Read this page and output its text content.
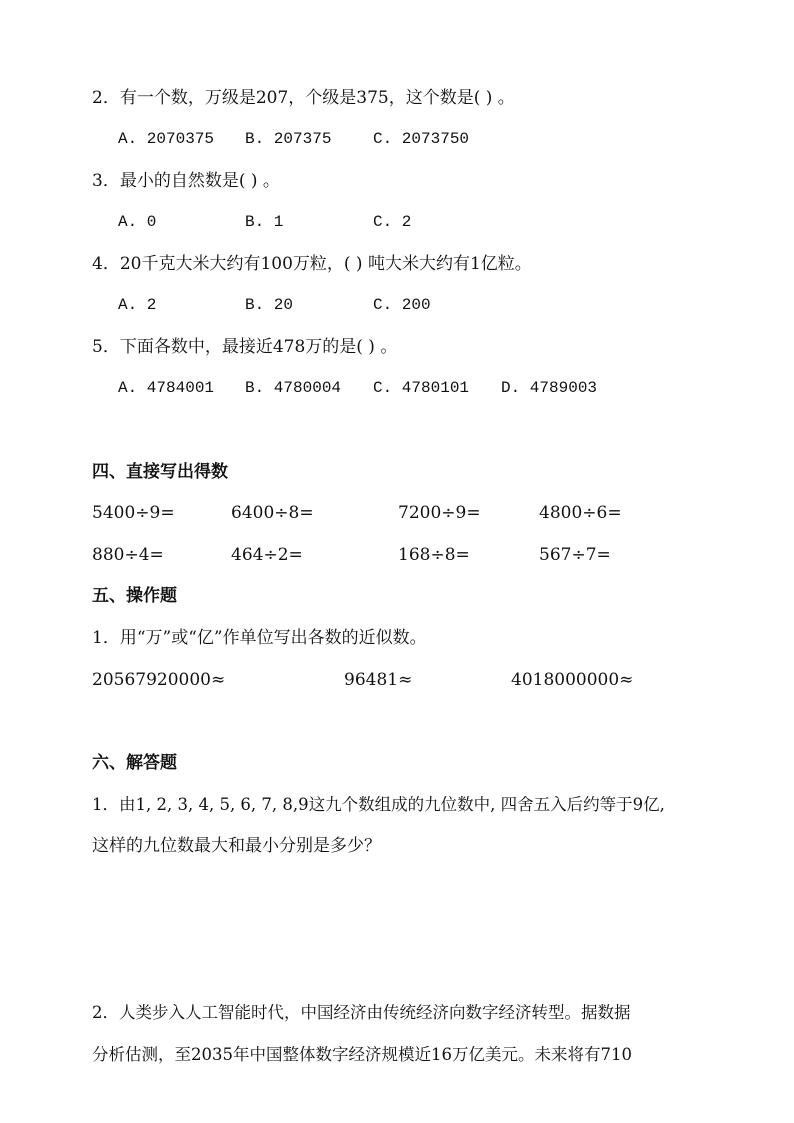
2．有一个数，万级是207，个级是375，这个数是( ) 。
A. 2070375 B. 207375	C. 2073750
3．最小的自然数是( ) 。
A. 0	B. 1	C. 2
4．20千克大米大约有100万粒，( ) 吨大米大约有1亿粒。
A. 2	B. 20	C. 200
5．下面各数中，最接近478万的是( ) 。
A. 4784001 B. 4780004 C. 4780101 D. 4789003
四、直接写出得数
5400÷9=	6400÷8=	7200÷9=	4800÷6=
880÷4=	464÷2=	168÷8=	567÷7=
五、操作题
1．用“万”或“亿”作单位写出各数的近似数。
20567920000≈	96481≈	4018000000≈
六、解答题
1．由1, 2, 3, 4, 5, 6, 7, 8,9这九个数组成的九位数中, 四舍五入后约等于9亿,
这样的九位数最大和最小分别是多少？
2．人类步入人工智能时代，中国经济由传统经济向数字经济转型。据数据
分析估测，至2035年中国整体数字经济规模近16万亿美元。未来将有710
